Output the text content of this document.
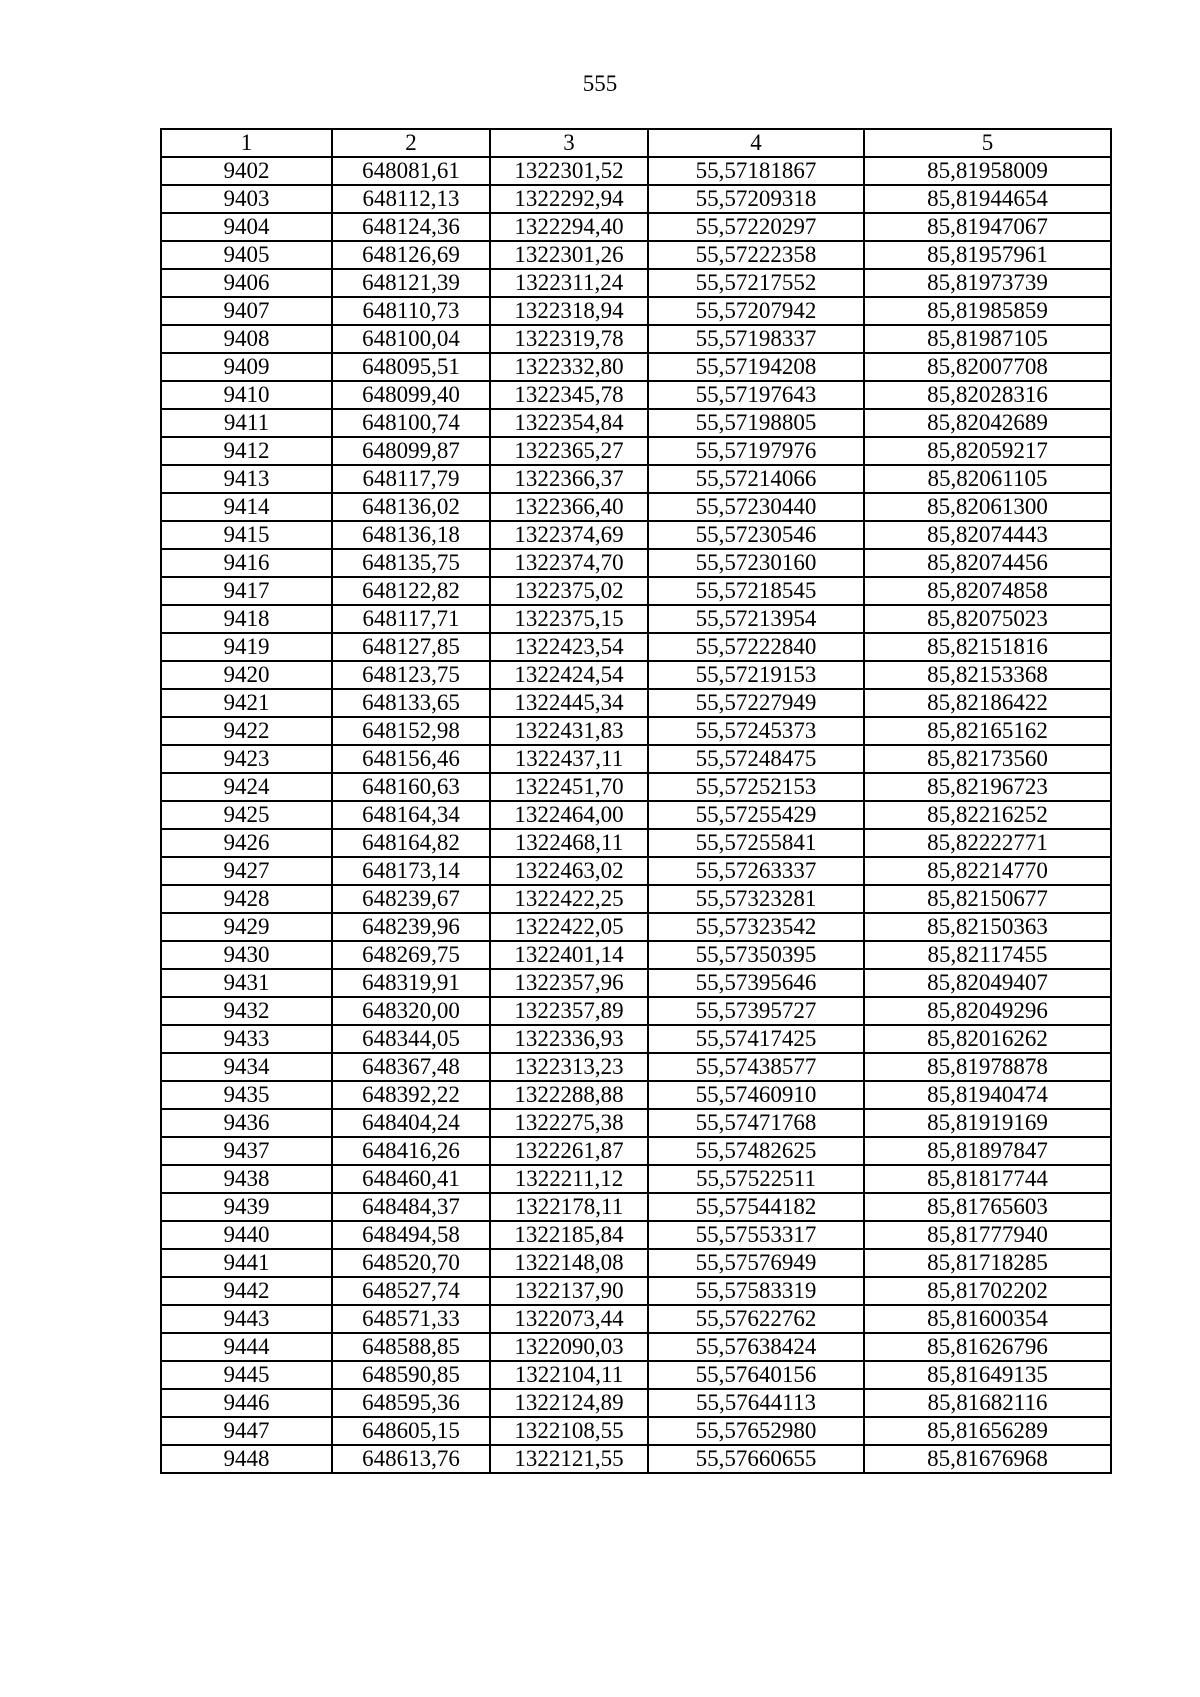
555
1	2	3	4	5
9402	648081,61	1322301,52	55,57181867	85,81958009
9403	648112,13	1322292,94	55,57209318	85,81944654
9404	648124,36	1322294,40	55,57220297	85,81947067
9405	648126,69	1322301,26	55,57222358	85,81957961
9406	648121,39	1322311,24	55,57217552	85,81973739
9407	648110,73	1322318,94	55,57207942	85,81985859
9408	648100,04	1322319,78	55,57198337	85,81987105
9409	648095,51	1322332,80	55,57194208	85,82007708
9410	648099,40	1322345,78	55,57197643	85,82028316
9411	648100,74	1322354,84	55,57198805	85,82042689
9412	648099,87	1322365,27	55,57197976	85,82059217
9413	648117,79	1322366,37	55,57214066	85,82061105
9414	648136,02	1322366,40	55,57230440	85,82061300
9415	648136,18	1322374,69	55,57230546	85,82074443
9416	648135,75	1322374,70	55,57230160	85,82074456
9417	648122,82	1322375,02	55,57218545	85,82074858
9418	648117,71	1322375,15	55,57213954	85,82075023
9419	648127,85	1322423,54	55,57222840	85,82151816
9420	648123,75	1322424,54	55,57219153	85,82153368
9421	648133,65	1322445,34	55,57227949	85,82186422
9422	648152,98	1322431,83	55,57245373	85,82165162
9423	648156,46	1322437,11	55,57248475	85,82173560
9424	648160,63	1322451,70	55,57252153	85,82196723
9425	648164,34	1322464,00	55,57255429	85,82216252
9426	648164,82	1322468,11	55,57255841	85,82222771
9427	648173,14	1322463,02	55,57263337	85,82214770
9428	648239,67	1322422,25	55,57323281	85,82150677
9429	648239,96	1322422,05	55,57323542	85,82150363
9430	648269,75	1322401,14	55,57350395	85,82117455
9431	648319,91	1322357,96	55,57395646	85,82049407
9432	648320,00	1322357,89	55,57395727	85,82049296
9433	648344,05	1322336,93	55,57417425	85,82016262
9434	648367,48	1322313,23	55,57438577	85,81978878
9435	648392,22	1322288,88	55,57460910	85,81940474
9436	648404,24	1322275,38	55,57471768	85,81919169
9437	648416,26	1322261,87	55,57482625	85,81897847
9438	648460,41	1322211,12	55,57522511	85,81817744
9439	648484,37	1322178,11	55,57544182	85,81765603
9440	648494,58	1322185,84	55,57553317	85,81777940
9441	648520,70	1322148,08	55,57576949	85,81718285
9442	648527,74	1322137,90	55,57583319	85,81702202
9443	648571,33	1322073,44	55,57622762	85,81600354
9444	648588,85	1322090,03	55,57638424	85,81626796
9445	648590,85	1322104,11	55,57640156	85,81649135
9446	648595,36	1322124,89	55,57644113	85,81682116
9447	648605,15	1322108,55	55,57652980	85,81656289
9448	648613,76	1322121,55	55,57660655	85,81676968
